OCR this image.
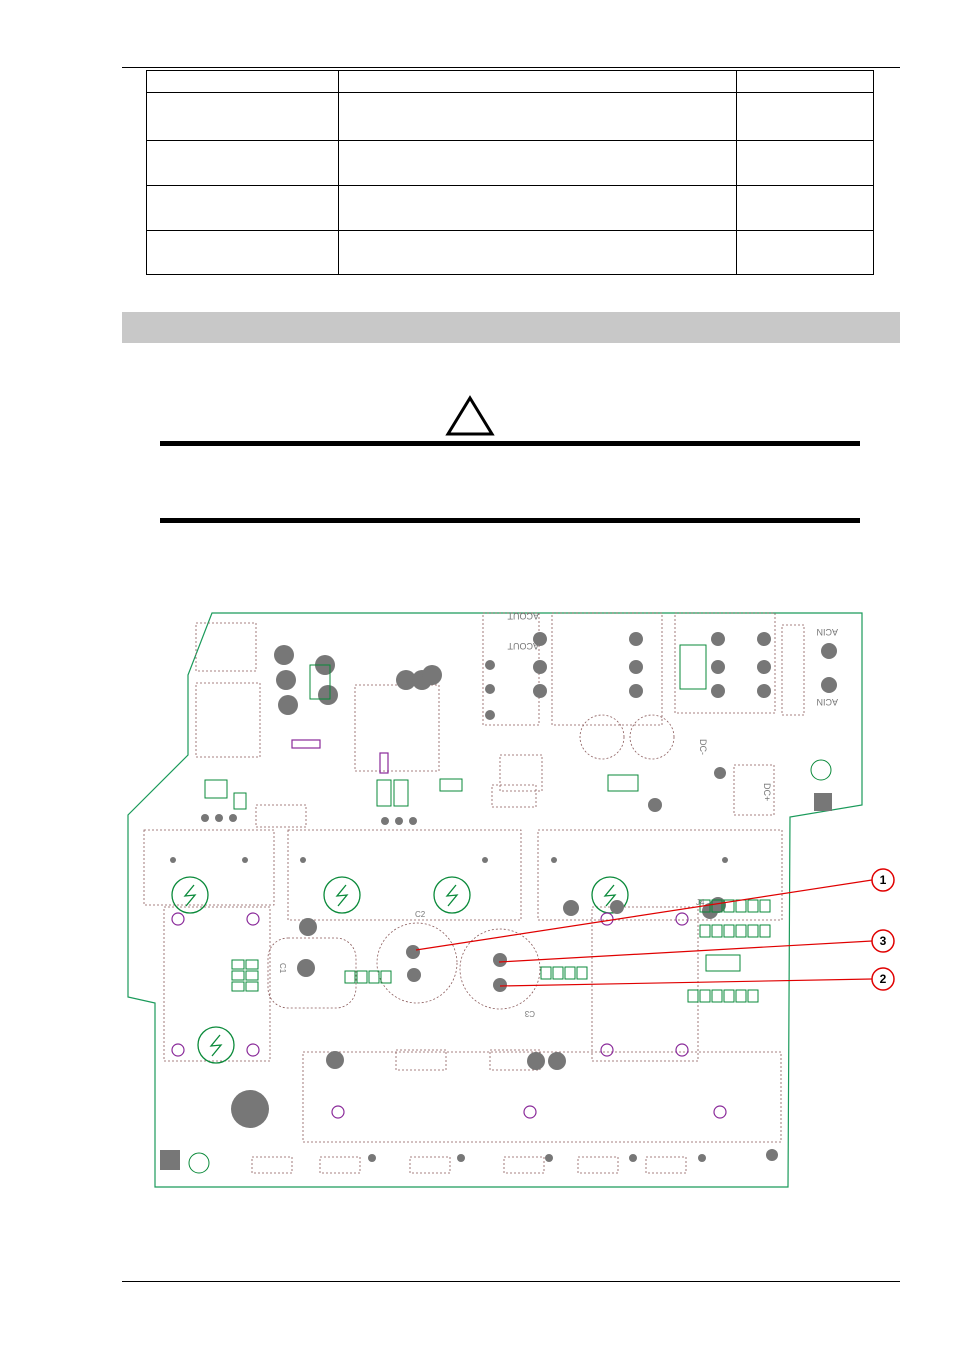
ACIN
ACIN
DC-
DC+
ACOUT
ACOUT
C1
C2
C3
J4
1
3
2
